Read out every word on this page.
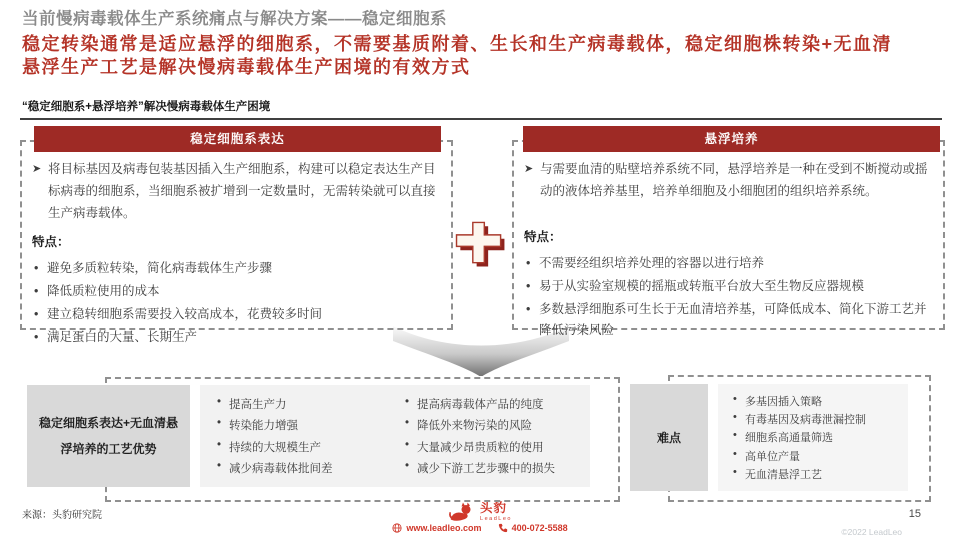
当前慢病毒载体生产系统痛点与解决方案——稳定细胞系
稳定转染通常是适应悬浮的细胞系，不需要基质附着、生长和生产病毒载体，稳定细胞株转染+无血清
悬浮生产工艺是解决慢病毒载体生产困境的有效方式
“稳定细胞系+悬浮培养”解决慢病毒载体生产困境
稳定细胞系表达
➤ 将目标基因及病毒包装基因插入生产细胞系，构建可以稳定表达生产目标病毒的细胞系，当细胞系被扩增到一定数量时，无需转染就可以直接生产病毒载体。
特点：
• 避免多质粒转染，简化病毒载体生产步骤
• 降低质粒使用的成本
• 建立稳转细胞系需要投入较高成本，花费较多时间
• 满足蛋白的大量、长期生产
悬浮培养
➤ 与需要血清的贴壁培养系统不同，悬浮培养是一种在受到不断搅动或摇动的液体培养基里，培养单细胞及小细胞团的组织培养系统。
特点：
• 不需要经组织培养处理的容器以进行培养
• 易于从实验室规模的摇瓶或转瓶平台放大至生物反应器规模
• 多数悬浮细胞系可生长于无血清培养基，可降低成本、简化下游工艺并降低污染风险
稳定细胞系表达+无血清悬浮培养的工艺优势
• 提高生产力
• 转染能力增强
• 持续的大规模生产
• 减少病毒载体批间差
• 提高病毒载体产品的纯度
• 降低外来物污染的风险
• 大量减少昂贵质粒的使用
• 减少下游工艺步骤中的损失
难点
• 多基因插入策略
• 有毒基因及病毒泄漏控制
• 细胞系高通量筛选
• 高单位产量
• 无血清悬浮工艺
来源：头豹研究院
头豹
LeadLeo
www.leadleo.com	400-072-5588
15
©2022 LeadLeo
